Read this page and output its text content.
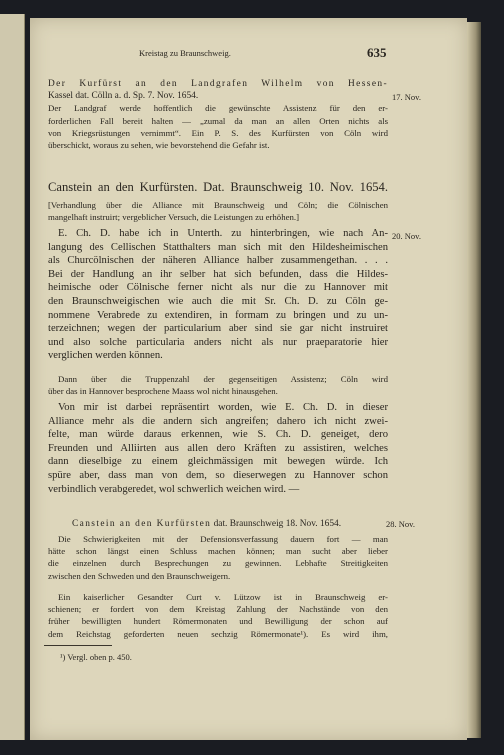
Kreistag zu Braunschweig.	635
Der Kurfürst an den Landgrafen Wilhelm von Hessen-
Kassel dat. Cölln a. d. Sp. 7. Nov. 1654.
Der Landgraf werde hoffentlich die gewünschte Assistenz für den er-
forderlichen Fall bereit halten — „zumal da man an allen Orten nichts als
von Kriegsrüstungen vernimmt“. Ein P. S. des Kurfürsten von Cöln wird
überschickt, woraus zu sehen, wie bevorstehend die Gefahr ist.
17. Nov.
Canstein an den Kurfürsten. Dat. Braunschweig 10. Nov. 1654.
[Verhandlung über die Alliance mit Braunschweig und Cöln; die Cölnischen
mangelhaft instruirt; vergeblicher Versuch, die Leistungen zu erhöhen.]
20. Nov.
E. Ch. D. habe ich in Unterth. zu hinterbringen, wie nach An-
langung des Cellischen Statthalters man sich mit den Hildesheimischen
als Churcölnischen der näheren Alliance halber zusammengethan. . . .
Bei der Handlung an ihr selber hat sich befunden, dass die Hildes-
heimische oder Cölnische ferner nicht als nur die zu Hannover mit
den Braunschweigischen wie auch die mit Sr. Ch. D. zu Cöln ge-
nommene Verabrede zu extendiren, in formam zu bringen und zu un-
terzeichnen; wegen der particularium aber sind sie gar nicht instruiret
und also solche particularia anders nicht als nur praeparatorie hier
verglichen werden können.
Dann über die Truppenzahl der gegenseitigen Assistenz; Cöln wird
über das in Hannover besprochene Maass wol nicht hinausgehen.
Von mir ist darbei repräsentirt worden, wie E. Ch. D. in dieser
Alliance mehr als die andern sich angreifen; dahero ich nicht zwei-
felte, man würde daraus erkennen, wie S. Ch. D. geneiget, dero
Freunden und Alliirten aus allen dero Kräften zu assistiren, welches
dann dieselbige zu einem gleichmässigen mit bewegen würde. Ich
spüre aber, dass man von dem, so dieserwegen zu Hannover schon
verbindlich verabgeredet, wol schwerlich weichen wird. —
Canstein an den Kurfürsten dat. Braunschweig 18. Nov. 1654.	28. Nov.
Die Schwierigkeiten mit der Defensionsverfassung dauern fort — man
hätte schon längst einen Schluss machen können; man sucht aber lieber
die einzelnen durch Besprechungen zu gewinnen. Lebhafte Streitigkeiten
zwischen den Schweden und den Braunschweigern.
Ein kaiserlicher Gesandter Curt v. Lützow ist in Braunschweig er-
schienen; er fordert von dem Kreistag Zahlung der Nachstände von den
früher bewilligten hundert Römermonaten und Bewilligung der schon auf
dem Reichstag geforderten neuen sechzig Römermonate¹). Es wird ihm,
¹) Vergl. oben p. 450.
